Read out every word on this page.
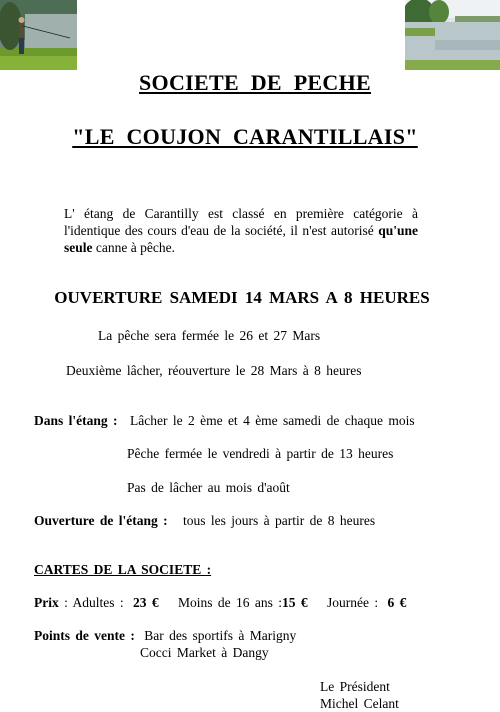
SOCIETE DE PECHE
"LE COUJON CARANTILLAIS"
L' étang de Carantilly est classé en première catégorie à l'identique des cours d'eau de la société, il n'est autorisé qu'une seule canne à pêche.
OUVERTURE SAMEDI 14 MARS A 8 HEURES
La pêche sera fermée le 26 et 27 Mars
Deuxième lâcher, réouverture le 28 Mars à 8 heures
Dans l'étang : Lâcher le 2 ème et 4 ème samedi de chaque mois
Pêche fermée le vendredi à partir de 13 heures
Pas de lâcher au mois d'août
Ouverture de l'étang : tous les jours à partir de 8 heures
CARTES DE LA SOCIETE :
Prix : Adultes : 23 € Moins de 16 ans :15 € Journée : 6 €
Points de vente : Bar des sportifs à Marigny
Cocci Market à Dangy
Le Président
Michel Celant
